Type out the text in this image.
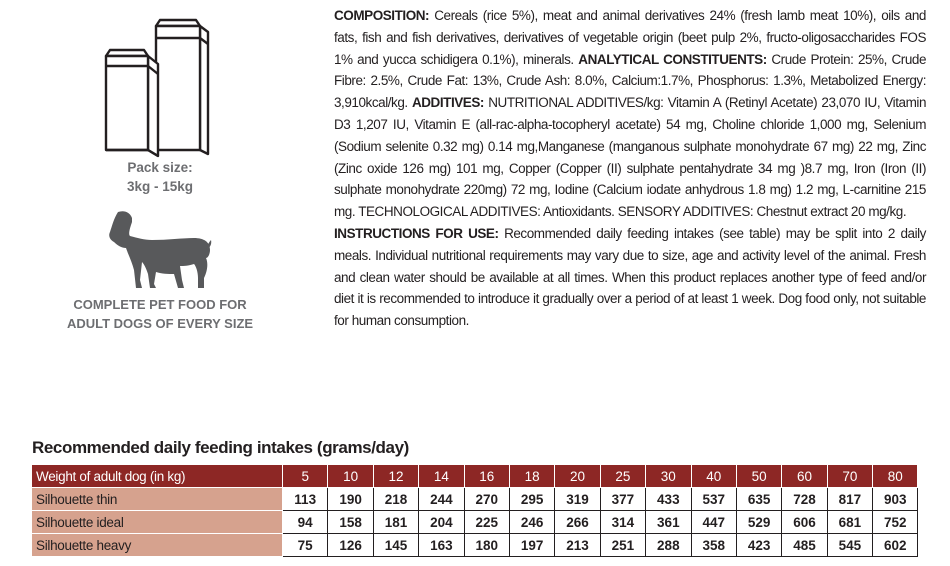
Pack size:
3kg - 15kg
COMPLETE PET FOOD FOR
ADULT DOGS OF EVERY SIZE

COMPOSITION: Cereals (rice 5%), meat and animal derivatives 24% (fresh lamb meat 10%), oils and fats, fish and fish derivatives, derivatives of vegetable origin (beet pulp 2%, fructo-oligosaccharides FOS 1% and yucca schidigera 0.1%), minerals. ANALYTICAL CONSTITUENTS: Crude Protein: 25%, Crude Fibre: 2.5%, Crude Fat: 13%, Crude Ash: 8.0%, Calcium:1.7%, Phosphorus: 1.3%, Metabolized Energy: 3,910kcal/kg. ADDITIVES: NUTRITIONAL ADDITIVES/kg: Vitamin A (Retinyl Acetate) 23,070 IU, Vitamin D3 1,207 IU, Vitamin E (all-rac-alpha-tocopheryl acetate) 54 mg, Choline chloride 1,000 mg, Selenium (Sodium selenite 0.32 mg) 0.14 mg,Manganese (manganous sulphate monohydrate 67 mg) 22 mg, Zinc (Zinc oxide 126 mg) 101 mg, Copper (Copper (II) sulphate pentahydrate 34 mg )8.7 mg, Iron (Iron (II) sulphate monohydrate 220mg) 72 mg, Iodine (Calcium iodate anhydrous 1.8 mg) 1.2 mg, L-carnitine 215 mg. TECHNOLOGICAL ADDITIVES: Antioxidants. SENSORY ADDITIVES: Chestnut extract 20 mg/kg.

INSTRUCTIONS FOR USE: Recommended daily feeding intakes (see table) may be split into 2 daily meals. Individual nutritional requirements may vary due to size, age and activity level of the animal. Fresh and clean water should be available at all times. When this product replaces another type of feed and/or diet it is recommended to introduce it gradually over a period of at least 1 week. Dog food only, not suitable for human consumption.

Recommended daily feeding intakes (grams/day)
Weight of adult dog (in kg)	5	10	12	14	16	18	20	25	30	40	50	60	70	80
Silhouette thin	113	190	218	244	270	295	319	377	433	537	635	728	817	903
Silhouette ideal	94	158	181	204	225	246	266	314	361	447	529	606	681	752
Silhouette heavy	75	126	145	163	180	197	213	251	288	358	423	485	545	602
